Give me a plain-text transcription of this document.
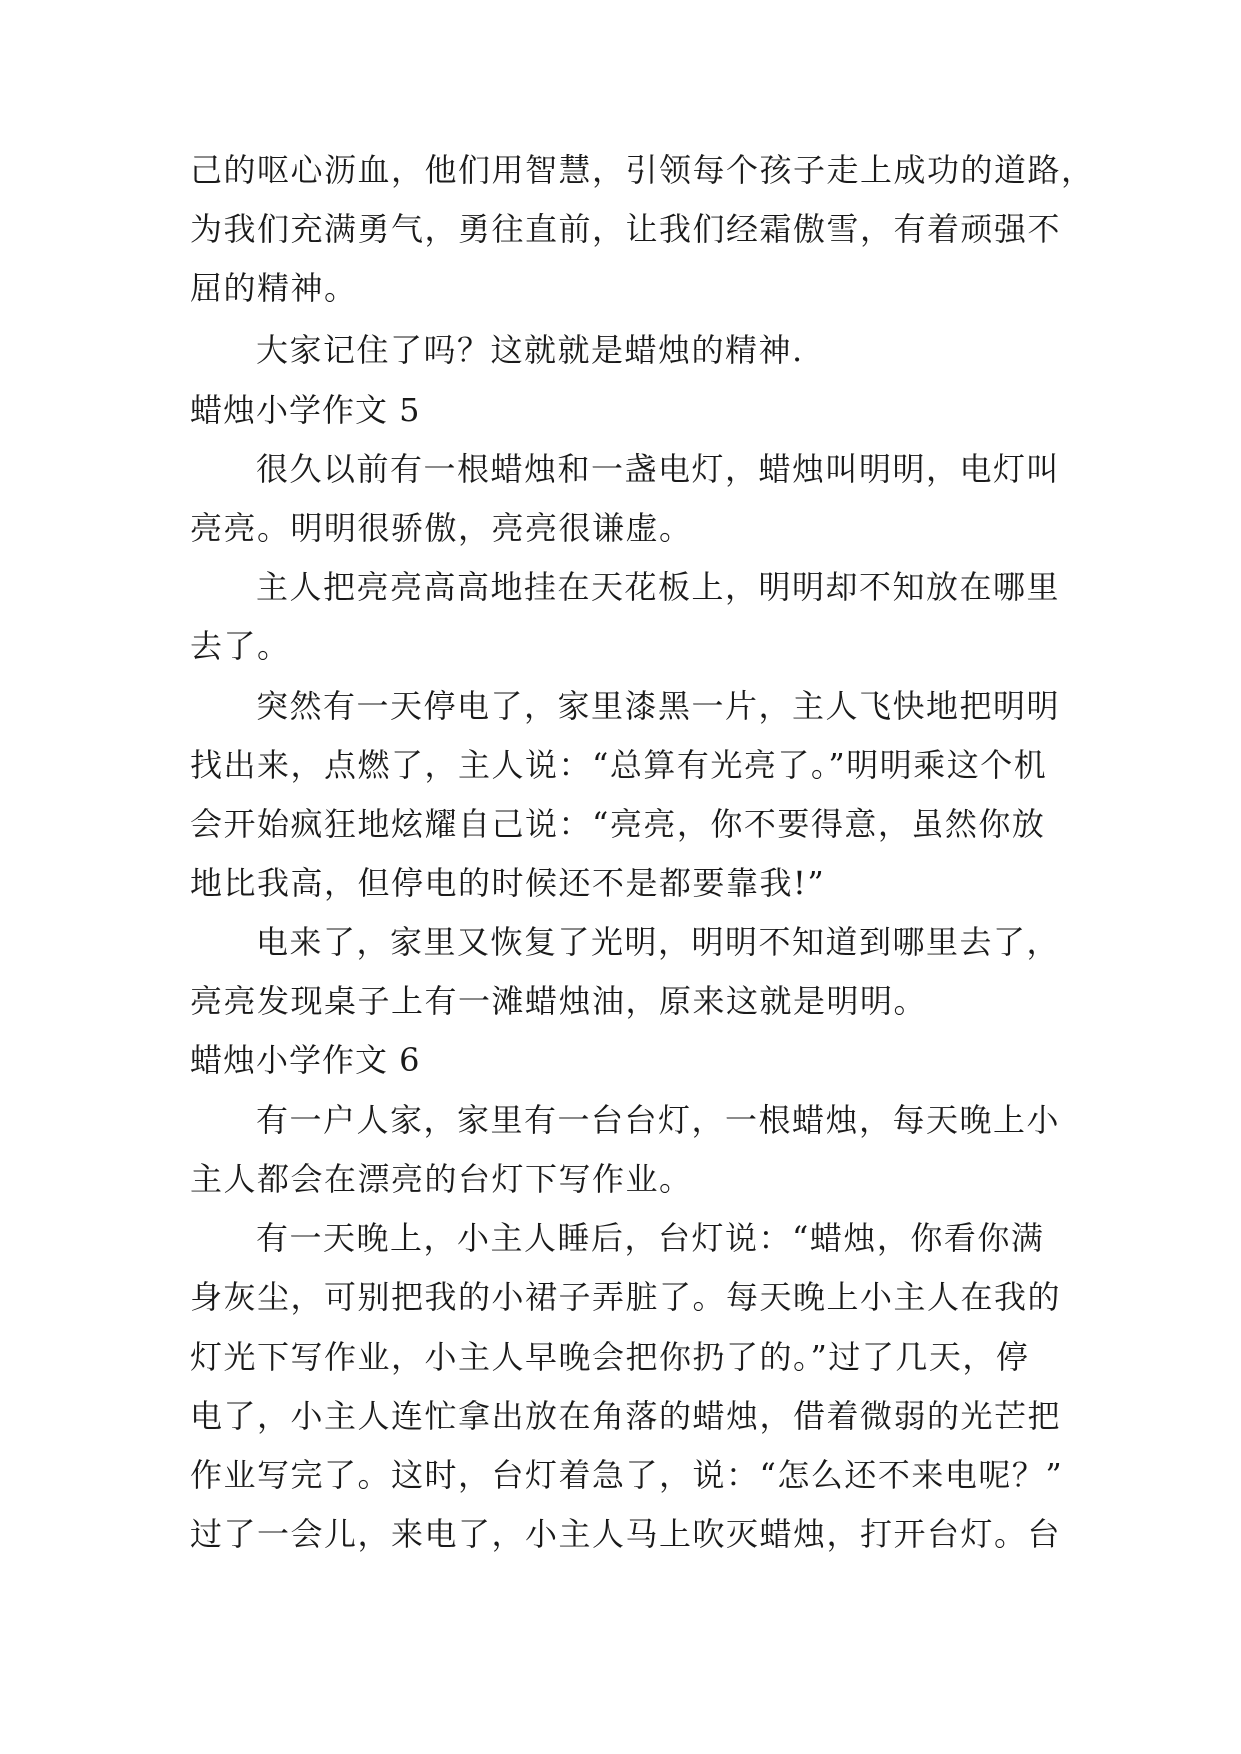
己的呕心沥血，他们用智慧，引领每个孩子走上成功的道路，
为我们充满勇气，勇往直前，让我们经霜傲雪，有着顽强不
屈的精神。
大家记住了吗？这就就是蜡烛的精神.
蜡烛小学作文 5
很久以前有一根蜡烛和一盏电灯，蜡烛叫明明，电灯叫
亮亮。明明很骄傲，亮亮很谦虚。
主人把亮亮高高地挂在天花板上，明明却不知放在哪里
去了。
突然有一天停电了，家里漆黑一片，主人飞快地把明明
找出来，点燃了，主人说：“总算有光亮了。”明明乘这个机
会开始疯狂地炫耀自己说：“亮亮，你不要得意，虽然你放
地比我高，但停电的时候还不是都要靠我!”
电来了，家里又恢复了光明，明明不知道到哪里去了，
亮亮发现桌子上有一滩蜡烛油，原来这就是明明。
蜡烛小学作文 6
有一户人家，家里有一台台灯，一根蜡烛，每天晚上小
主人都会在漂亮的台灯下写作业。
有一天晚上，小主人睡后，台灯说：“蜡烛，你看你满
身灰尘，可别把我的小裙子弄脏了。每天晚上小主人在我的
灯光下写作业，小主人早晚会把你扔了的。”过了几天，停
电了，小主人连忙拿出放在角落的蜡烛，借着微弱的光芒把
作业写完了。这时，台灯着急了，说：“怎么还不来电呢？”
过了一会儿，来电了，小主人马上吹灭蜡烛，打开台灯。台
